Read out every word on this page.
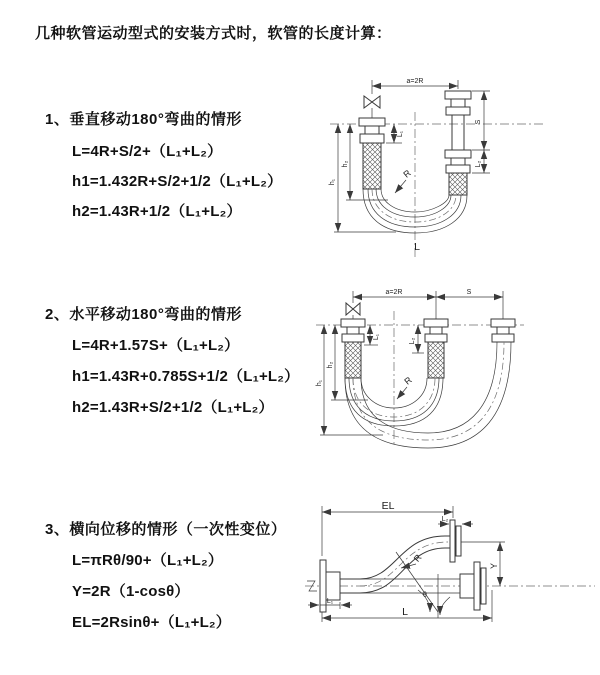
几种软管运动型式的安装方式时，软管的长度计算：
1、垂直移动180°弯曲的情形
L=4R+S/2+（L₁+L₂）
h1=1.432R+S/2+1/2（L₁+L₂）
h2=1.43R+1/2（L₁+L₂）
a=2R
h₁
h₂
L₁
S
L₂
R
L
2、水平移动180°弯曲的情形
L=4R+1.57S+（L₁+L₂）
h1=1.43R+0.785S+1/2（L₁+L₂）
h2=1.43R+S/2+1/2（L₁+L₂）
a=2R	S
h₁
h₂
L₁
L₂
R
3、横向位移的情形（一次性变位）
L=πRθ/90+（L₁+L₂）
Y=2R（1-cosθ）
EL=2Rsinθ+（L₁+L₂）
EL
L₂
Y
θ
R
L₁
L
